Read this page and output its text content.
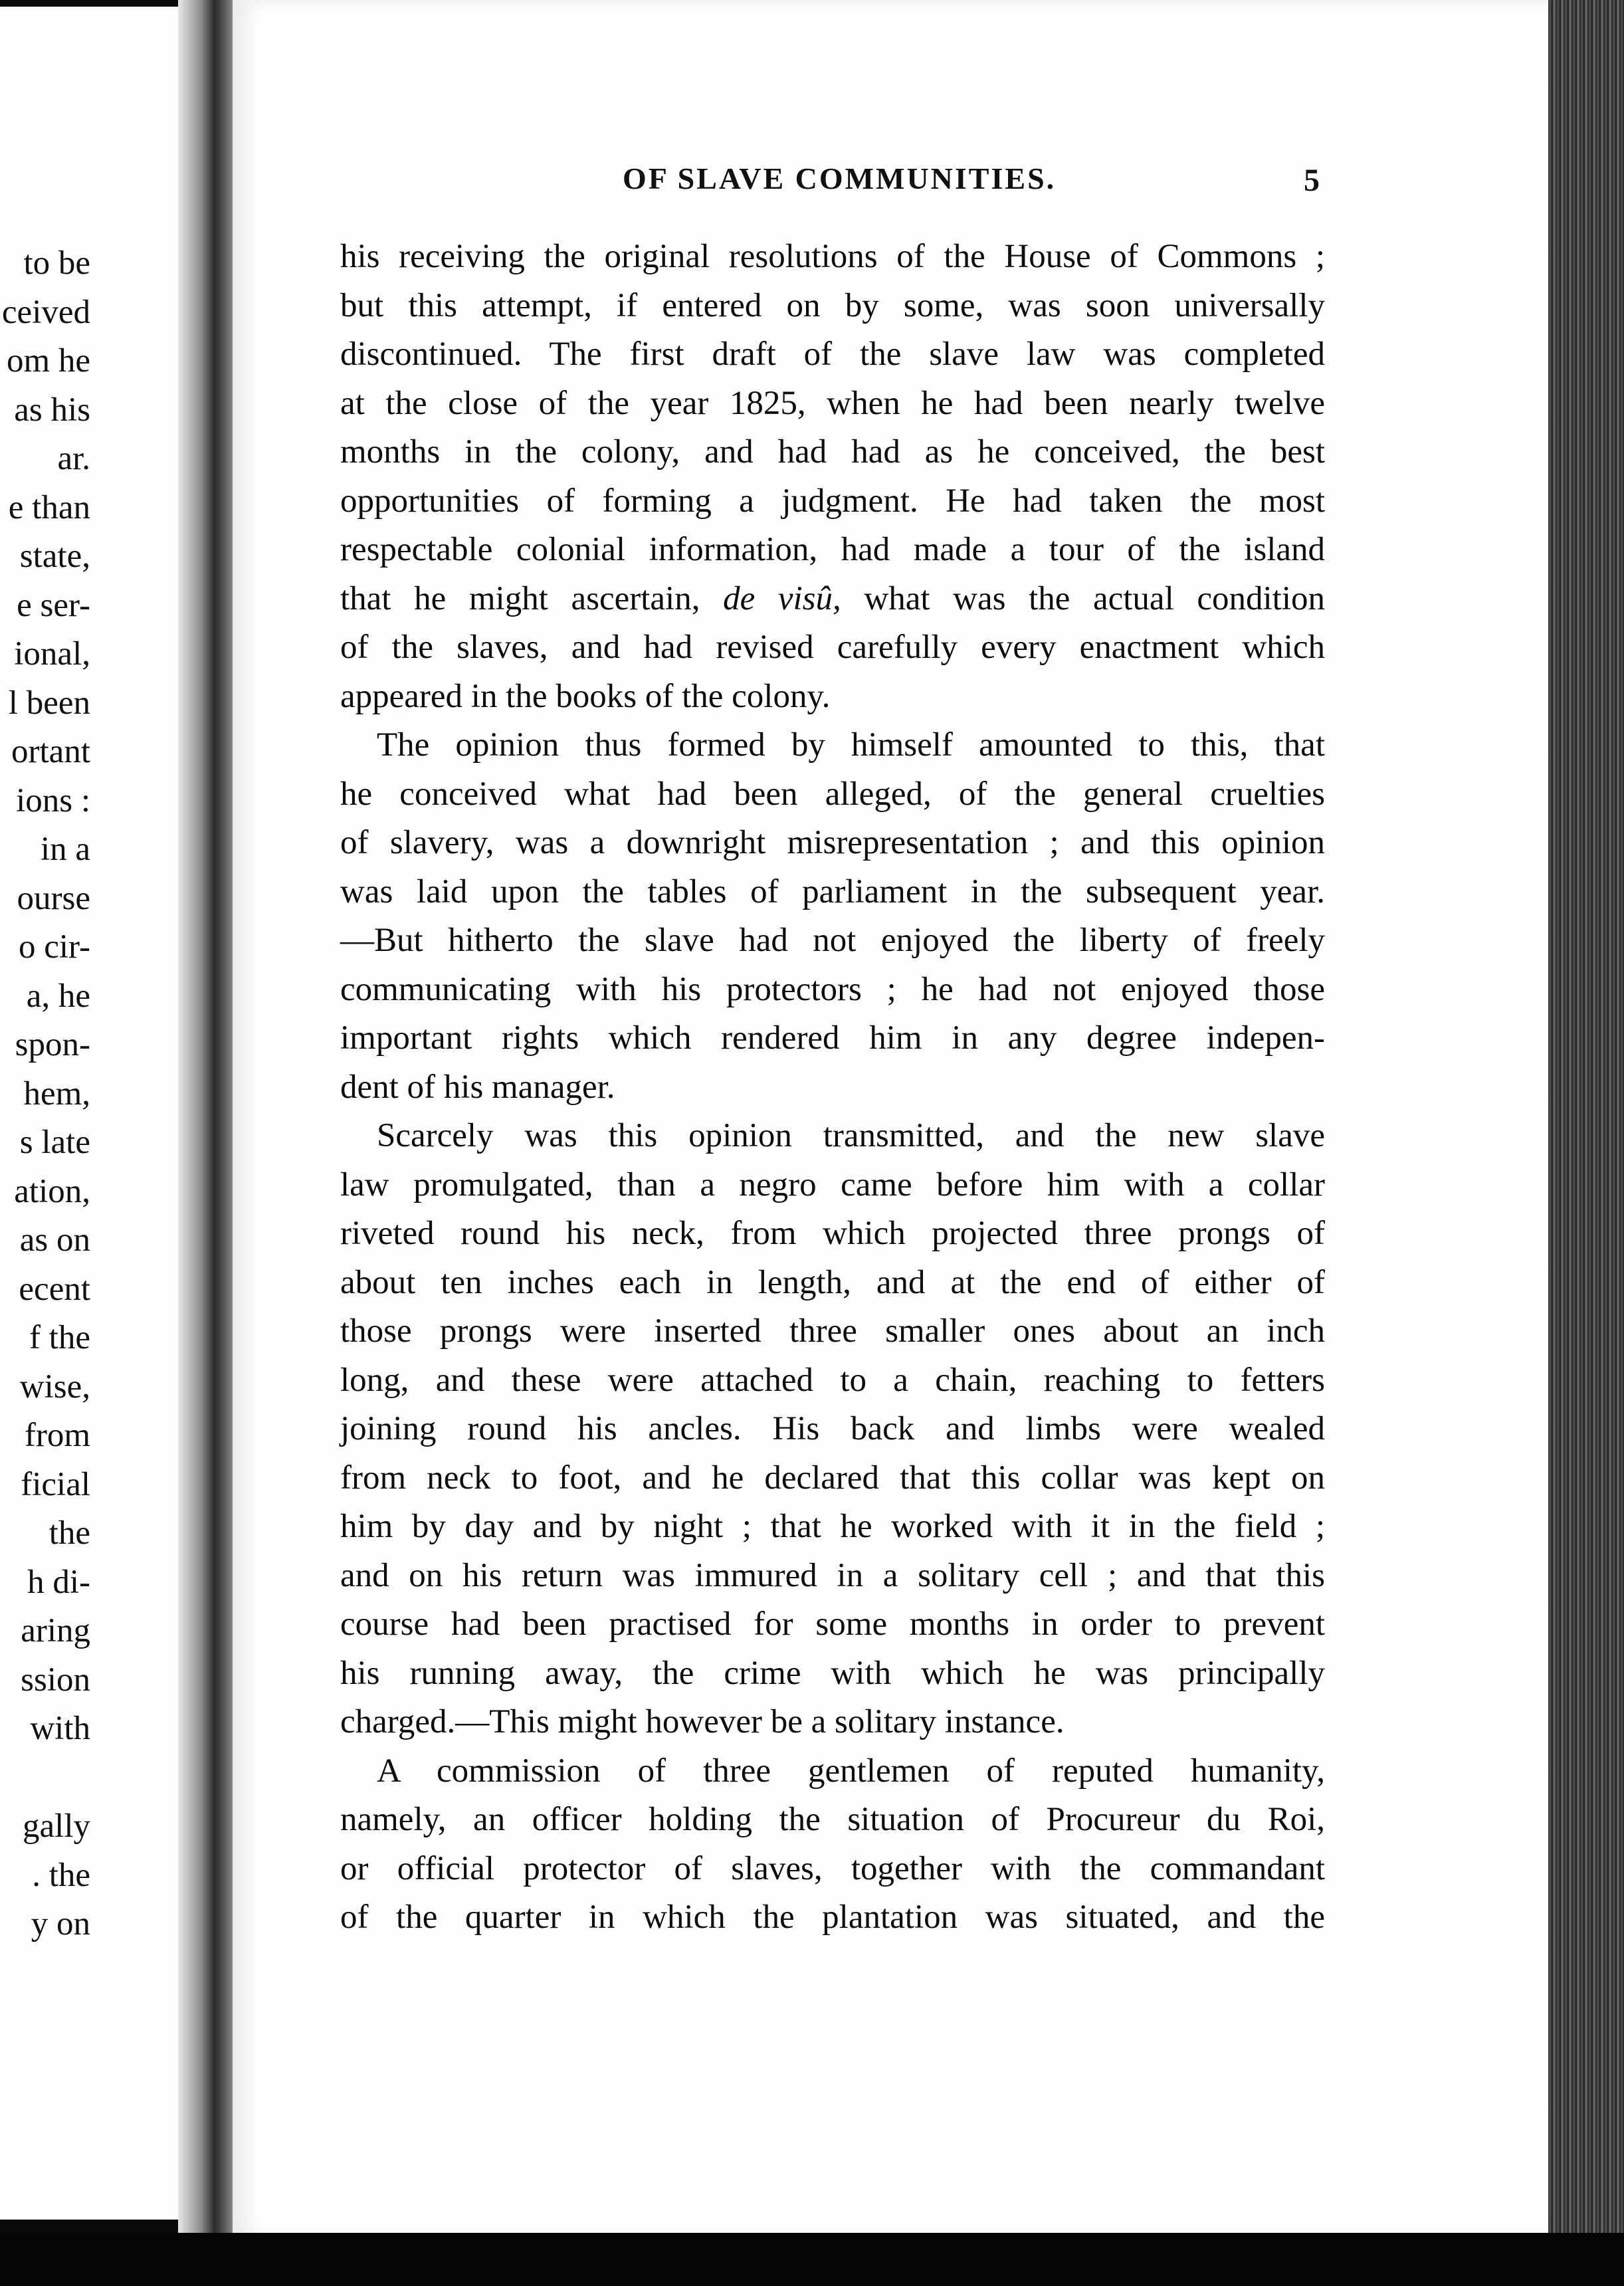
to be
ceived
om he
as his
ar.
e than
state,
e ser-
ional,
l been
ortant
ions :
in a
ourse
o cir-
a, he
spon-
hem,
s late
ation,
as on
ecent
f the
wise,
from
ficial
the
h di-
aring
ssion
with
gally
. the
y on
OF SLAVE COMMUNITIES.	5
his receiving the original resolutions of the House of Commons ;
but this attempt, if entered on by some, was soon universally
discontinued. The first draft of the slave law was completed
at the close of the year 1825, when he had been nearly twelve
months in the colony, and had had as he conceived, the best
opportunities of forming a judgment. He had taken the most
respectable colonial information, had made a tour of the island
that he might ascertain, de visû, what was the actual condition
of the slaves, and had revised carefully every enactment which
appeared in the books of the colony.
The opinion thus formed by himself amounted to this, that
he conceived what had been alleged, of the general cruelties
of slavery, was a downright misrepresentation ; and this opinion
was laid upon the tables of parliament in the subsequent year.
—But hitherto the slave had not enjoyed the liberty of freely
communicating with his protectors ; he had not enjoyed those
important rights which rendered him in any degree indepen-
dent of his manager.
Scarcely was this opinion transmitted, and the new slave
law promulgated, than a negro came before him with a collar
riveted round his neck, from which projected three prongs of
about ten inches each in length, and at the end of either of
those prongs were inserted three smaller ones about an inch
long, and these were attached to a chain, reaching to fetters
joining round his ancles. His back and limbs were wealed
from neck to foot, and he declared that this collar was kept on
him by day and by night ; that he worked with it in the field ;
and on his return was immured in a solitary cell ; and that this
course had been practised for some months in order to prevent
his running away, the crime with which he was principally
charged.—This might however be a solitary instance.
A commission of three gentlemen of reputed humanity,
namely, an officer holding the situation of Procureur du Roi,
or official protector of slaves, together with the commandant
of the quarter in which the plantation was situated, and the
